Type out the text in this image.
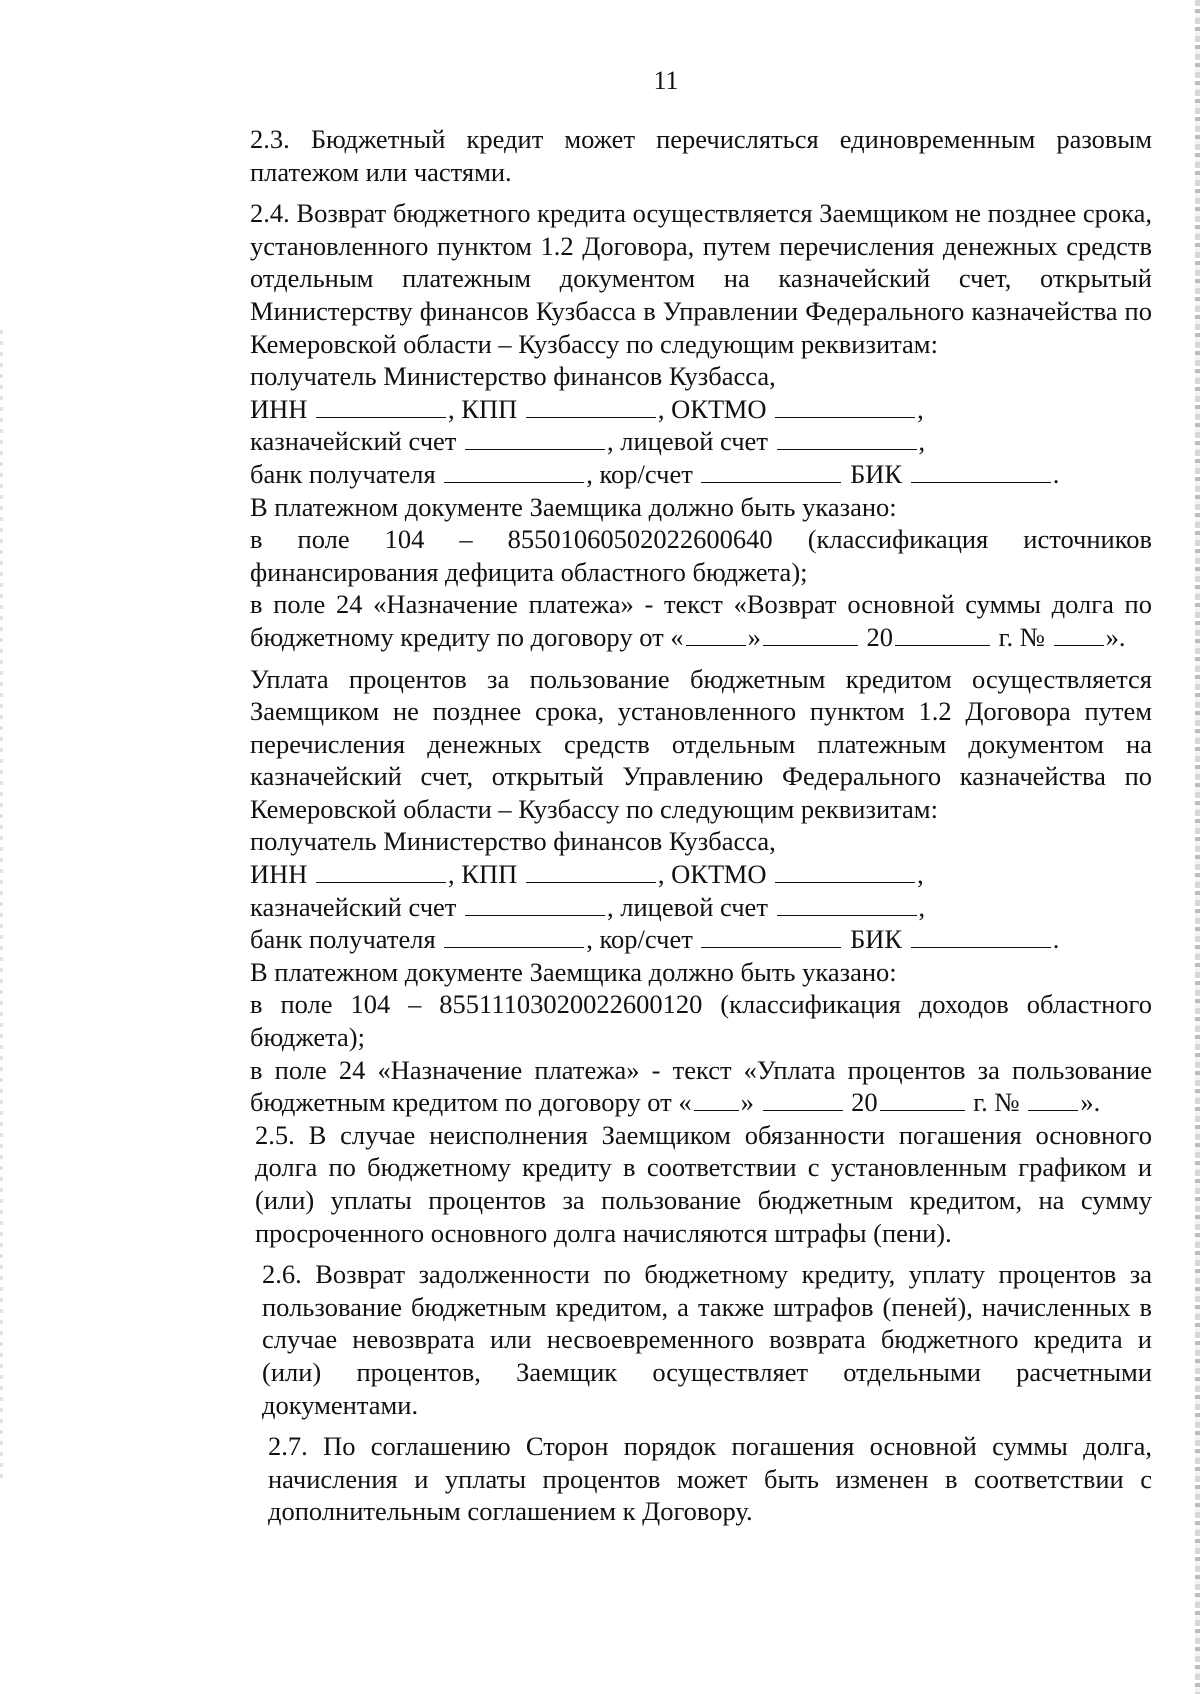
11

2.3. Бюджетный кредит может перечисляться единовременным разовым платежом или частями.

2.4. Возврат бюджетного кредита осуществляется Заемщиком не позднее срока, установленного пунктом 1.2 Договора, путем перечисления денежных средств отдельным платежным документом на казначейский счет, открытый Министерству финансов Кузбасса в Управлении Федерального казначейства по Кемеровской области – Кузбассу по следующим реквизитам:

получатель Министерство финансов Кузбасса,

ИНН	, КПП	, ОКТМО	,

казначейский счет	, лицевой счет	,

банк получателя	, кор/счет	БИК	.

В платежном документе Заемщика должно быть указано:

в поле 104 – 85501060502022600640 (классификация источников финансирования дефицита областного бюджета);

в поле 24 «Назначение платежа» - текст «Возврат основной суммы долга по бюджетному кредиту по договору от « »	20	г. № ».

Уплата процентов за пользование бюджетным кредитом осуществляется Заемщиком не позднее срока, установленного пунктом 1.2 Договора путем перечисления денежных средств отдельным платежным документом на казначейский счет, открытый Управлению Федерального казначейства по Кемеровской области – Кузбассу по следующим реквизитам:

получатель Министерство финансов Кузбасса,

ИНН	, КПП	, ОКТМО	,

казначейский счет	, лицевой счет	,

банк получателя	, кор/счет	БИК	.

В платежном документе Заемщика должно быть указано:

в поле 104 – 85511103020022600120 (классификация доходов областного бюджета);

в поле 24 «Назначение платежа» - текст «Уплата процентов за пользование бюджетным кредитом по договору от « »	20	г. № ».

2.5. В случае неисполнения Заемщиком обязанности погашения основного долга по бюджетному кредиту в соответствии с установленным графиком и (или) уплаты процентов за пользование бюджетным кредитом, на сумму просроченного основного долга начисляются штрафы (пени).

2.6. Возврат задолженности по бюджетному кредиту, уплату процентов за пользование бюджетным кредитом, а также штрафов (пеней), начисленных в случае невозврата или несвоевременного возврата бюджетного кредита и (или) процентов, Заемщик осуществляет отдельными расчетными документами.

2.7. По соглашению Сторон порядок погашения основной суммы долга, начисления и уплаты процентов может быть изменен в соответствии с дополнительным соглашением к Договору.
